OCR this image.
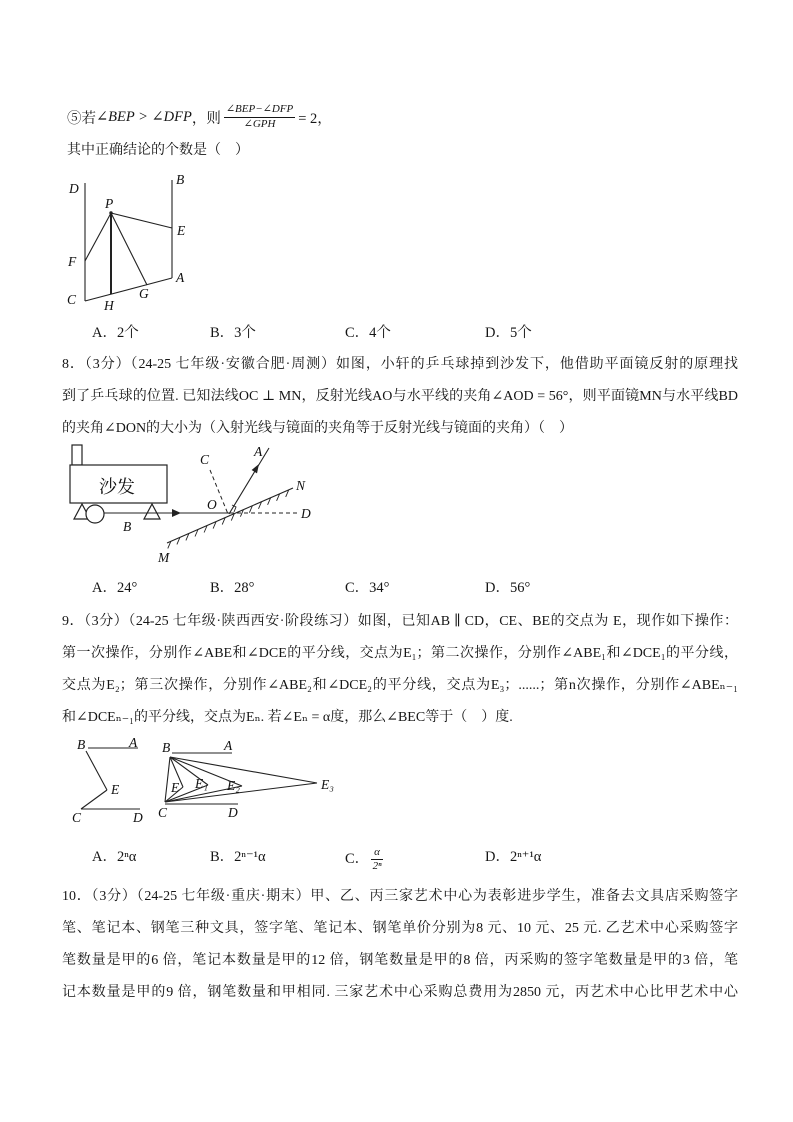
⑤若 ∠BEP > ∠DFP ，则 $\frac{\text{∠BEP−∠DFP}}{\text{∠GPH}} = 2$，
其中正确结论的个数是（　）
D
B
P
E
F
A
C H
G
A．2个	B．3个	C．4个	D．5个
8．（3分）（24-25 七年级·安徽合肥·周测）如图，小轩的乒乓球掉到沙发下，他借助平面镜反射的原理找
到了乒乓球的位置. 已知法线OC ⊥ MN，反射光线AO与水平线的夹角∠AOD = 56°，则平面镜MN与水平线BD
的夹角∠DON的大小为（入射光线与镜面的夹角等于反射光线与镜面的夹角）（　）
沙发
B
C
A
N
D
M
O
A．24°	B．28°	C．34°	D．56°
9．（3分）（24-25 七年级·陕西西安·阶段练习）如图，已知AB ∥ CD，CE、BE的交点为 E，现作如下操作：
第一次操作，分别作∠ABE和∠DCE的平分线，交点为E₁；第二次操作，分别作∠ABE₁和∠DCE₁的平分线，
交点为E₂；第三次操作，分别作∠ABE₂和∠DCE₂的平分线，交点为E₃；......；第n次操作，分别作∠ABEₙ₋₁
和∠DCEₙ₋₁的平分线，交点为Eₙ. 若∠Eₙ = α度，那么∠BEC等于（　）度.
B	A
E
C	D
B	A
C	D
E E₁ E₂	E₃
A．2ⁿα	B．2ⁿ⁻¹α	C． $\frac{\alpha}{\text{2ⁿ}}$	D．2ⁿ⁺¹α
10．（3分）（24-25 七年级·重庆·期末）甲、乙、丙三家艺术中心为表彰进步学生，准备去文具店采购签字
笔、笔记本、钢笔三种文具，签字笔、笔记本、钢笔单价分别为8 元、10 元、25 元. 乙艺术中心采购签字
笔数量是甲的6 倍，笔记本数量是甲的12 倍，钢笔数量是甲的8 倍，丙采购的签字笔数量是甲的3 倍，笔
记本数量是甲的9 倍，钢笔数量和甲相同. 三家艺术中心采购总费用为2850 元，丙艺术中心比甲艺术中心
